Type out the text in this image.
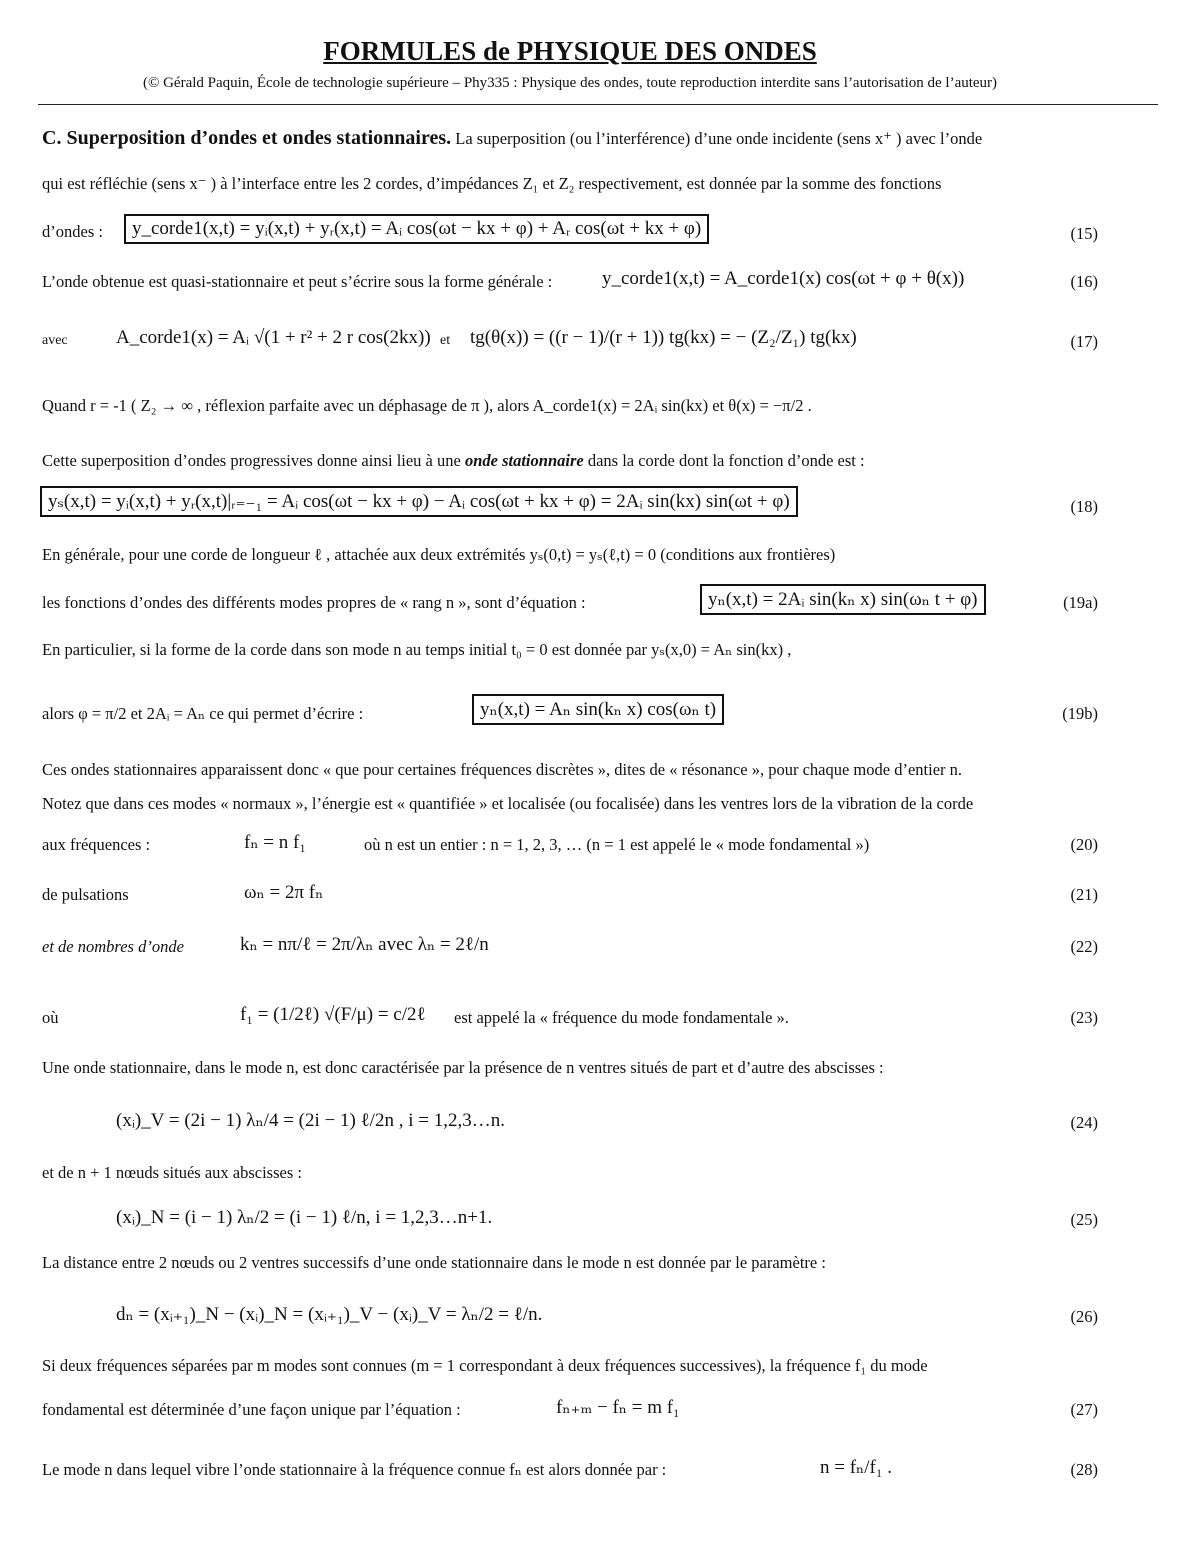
FORMULES de PHYSIQUE DES ONDES
(© Gérald Paquin, École de technologie supérieure – Phy335 : Physique des ondes, toute reproduction interdite sans l’autorisation de l’auteur)
C. Superposition d’ondes et ondes stationnaires. La superposition (ou l’interférence) d’une onde incidente (sens x⁺ ) avec l’onde
qui est réfléchie (sens x⁻ ) à l’interface entre les 2 cordes, d’impédances Z₁ et Z₂ respectivement, est donnée par la somme des fonctions
d’ondes :	y_corde1(x,t) = yᵢ(x,t) + yᵣ(x,t) = Aᵢ cos(ωt − kx + φ) + Aᵣ cos(ωt + kx + φ)	(15)
L’onde obtenue est quasi-stationnaire et peut s’écrire sous la forme générale :	y_corde1(x,t) = A_corde1(x) cos(ωt + φ + θ(x))	(16)
avec	A_corde1(x) = Aᵢ √(1 + r² + 2 r cos(2kx)) et tg(θ(x)) = ((r − 1)/(r + 1)) tg(kx) = − (Z₂/Z₁) tg(kx)	(17)
Quand r = -1 ( Z₂ → ∞ , réflexion parfaite avec un déphasage de π ), alors A_corde1(x) = 2Aᵢ sin(kx) et θ(x) = −π/2 .
Cette superposition d’ondes progressives donne ainsi lieu à une onde stationnaire dans la corde dont la fonction d’onde est :
yₛ(x,t) = yᵢ(x,t) + yᵣ(x,t)|ᵣ₌₋₁ = Aᵢ cos(ωt − kx + φ) − Aᵢ cos(ωt + kx + φ) = 2Aᵢ sin(kx) sin(ωt + φ)	(18)
En générale, pour une corde de longueur ℓ , attachée aux deux extrémités yₛ(0,t) = yₛ(ℓ,t) = 0 (conditions aux frontières)
les fonctions d’ondes des différents modes propres de « rang n », sont d’équation :	yₙ(x,t) = 2Aᵢ sin(kₙ x) sin(ωₙ t + φ)	(19a)
En particulier, si la forme de la corde dans son mode n au temps initial t₀ = 0 est donnée par yₛ(x,0) = Aₙ sin(kx) ,
alors φ = π/2 et 2Aᵢ = Aₙ ce qui permet d’écrire :	yₙ(x,t) = Aₙ sin(kₙ x) cos(ωₙ t)	(19b)
Ces ondes stationnaires apparaissent donc « que pour certaines fréquences discrètes », dites de « résonance », pour chaque mode d’entier n.
Notez que dans ces modes « normaux », l’énergie est « quantifiée » et localisée (ou focalisée) dans les ventres lors de la vibration de la corde
aux fréquences :	fₙ = n f₁	où n est un entier : n = 1, 2, 3, … (n = 1 est appelé le « mode fondamental »)	(20)
de pulsations	ωₙ = 2π fₙ	(21)
et de nombres d’onde	kₙ = nπ/ℓ = 2π/λₙ avec λₙ = 2ℓ/n	(22)
où	f₁ = (1/2ℓ) √(F/μ) = c/2ℓ est appelé la « fréquence du mode fondamentale ».	(23)
Une onde stationnaire, dans le mode n, est donc caractérisée par la présence de n ventres situés de part et d’autre des abscisses :
(xᵢ)_V = (2i − 1) λₙ/4 = (2i − 1) ℓ/2n , i = 1,2,3…n.	(24)
et de n + 1 nœuds situés aux abscisses :
(xᵢ)_N = (i − 1) λₙ/2 = (i − 1) ℓ/n, i = 1,2,3…n+1.	(25)
La distance entre 2 nœuds ou 2 ventres successifs d’une onde stationnaire dans le mode n est donnée par le paramètre :
dₙ = (xᵢ₊₁)_N − (xᵢ)_N = (xᵢ₊₁)_V − (xᵢ)_V = λₙ/2 = ℓ/n.	(26)
Si deux fréquences séparées par m modes sont connues (m = 1 correspondant à deux fréquences successives), la fréquence f₁ du mode
fondamental est déterminée d’une façon unique par l’équation :	fₙ₊ₘ − fₙ = m f₁	(27)
Le mode n dans lequel vibre l’onde stationnaire à la fréquence connue fₙ est alors donnée par :	n = fₙ/f₁ .	(28)
